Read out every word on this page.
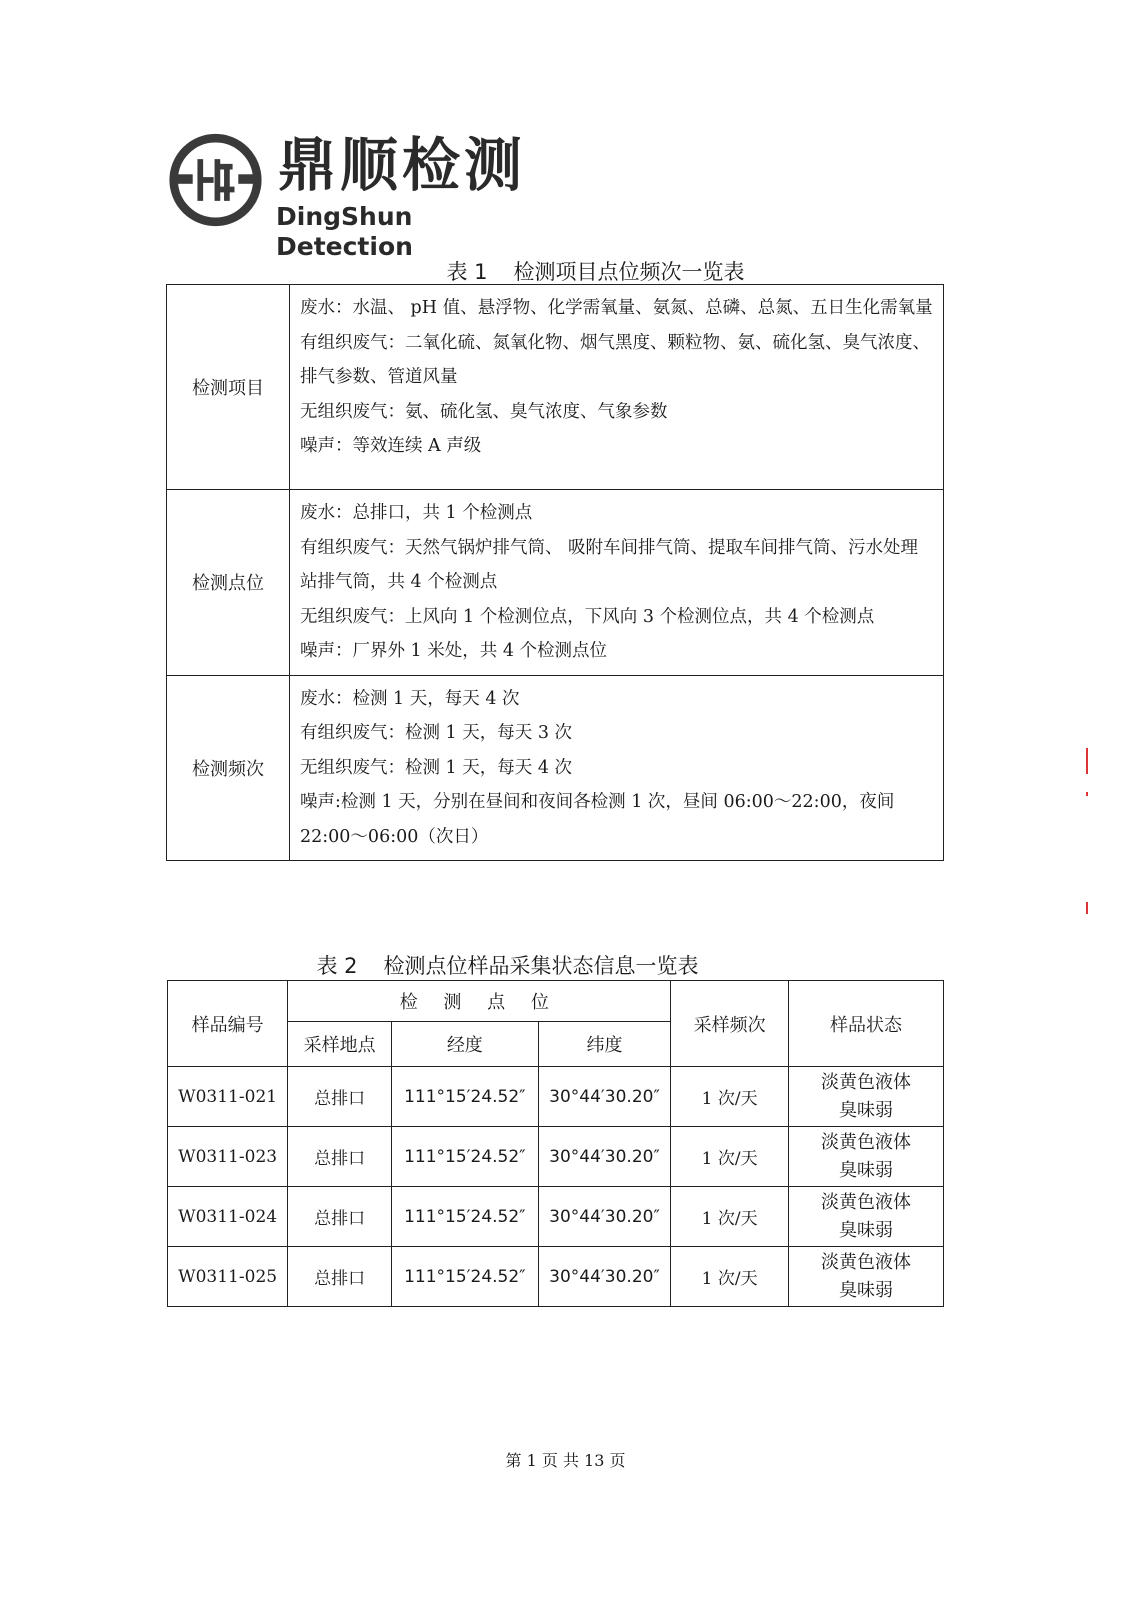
鼎顺检测
DingShun Detection
表 1 检测项目点位频次一览表
检测项目	废水：水温、 pH 值、悬浮物、化学需氧量、氨氮、总磷、总氮、五日生化需氧量
有组织废气：二氧化硫、氮氧化物、烟气黑度、颗粒物、氨、硫化氢、臭气浓度、排气参数、管道风量
无组织废气：氨、硫化氢、臭气浓度、气象参数
噪声：等效连续 A 声级

检测点位	废水：总排口，共 1 个检测点
有组织废气：天然气锅炉排气筒、 吸附车间排气筒、提取车间排气筒、污水处理站排气筒，共 4 个检测点
无组织废气：上风向 1 个检测位点，下风向 3 个检测位点，共 4 个检测点
噪声：厂界外 1 米处，共 4 个检测点位

检测频次	废水：检测 1 天，每天 4 次
有组织废气：检测 1 天，每天 3 次
无组织废气：检测 1 天，每天 4 次
噪声:检测 1 天，分别在昼间和夜间各检测 1 次，昼间 06:00～22:00，夜间 22:00～06:00（次日）
表 2 检测点位样品采集状态信息一览表
样品编号	检 测 点 位			采样频次	样品状态
	采样地点	经度	纬度		
W0311-021	总排口	111°15′24.52″	30°44′30.20″	1 次/天	淡黄色液体
臭味弱

W0311-023	总排口	111°15′24.52″	30°44′30.20″	1 次/天	淡黄色液体
臭味弱

W0311-024	总排口	111°15′24.52″	30°44′30.20″	1 次/天	淡黄色液体
臭味弱

W0311-025	总排口	111°15′24.52″	30°44′30.20″	1 次/天	淡黄色液体
臭味弱
第 1 页 共 13 页
